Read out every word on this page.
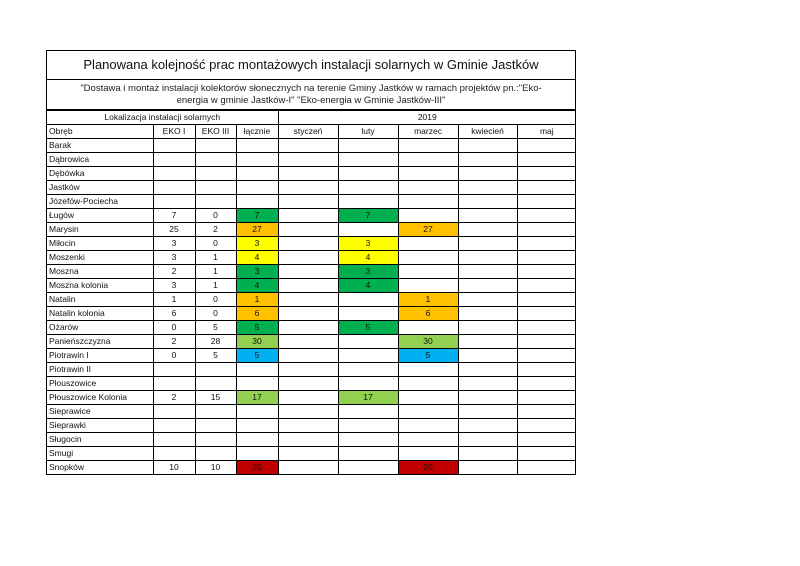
Planowana kolejność prac montażowych instalacji solarnych w Gminie Jastków
"Dostawa i montaż instalacji kolektorów słonecznych na terenie Gminy Jastków w ramach projektów pn.:"Eko-
energia w gminie Jastków-I" "Eko-energia w Gminie Jastków-III"
Lokalizacja instalacji solarnych				2019				
Obręb	EKO I	EKO III	łącznie	styczeń	luty	marzec	kwiecień	maj
Barak								
Dąbrowica								
Dębówka								
Jastków								
Józefów-Pociecha								
Ługów	7	0	7		7			
Marysin	25	2	27			27		
Miłocin	3	0	3		3			
Moszenki	3	1	4		4			
Moszna	2	1	3		3			
Moszna kolonia	3	1	4		4			
Natalin	1	0	1			1		
Natalin kolonia	6	0	6			6		
Ożarów	0	5	5		5			
Panieńszczyzna	2	28	30			30		
Piotrawin I	0	5	5			5		
Piotrawin II								
Płouszowice								
Płouszowice Kolonia	2	15	17		17			
Sieprawice								
Sieprawki								
Sługocin								
Smugi								
Snopków	10	10	20			20		
